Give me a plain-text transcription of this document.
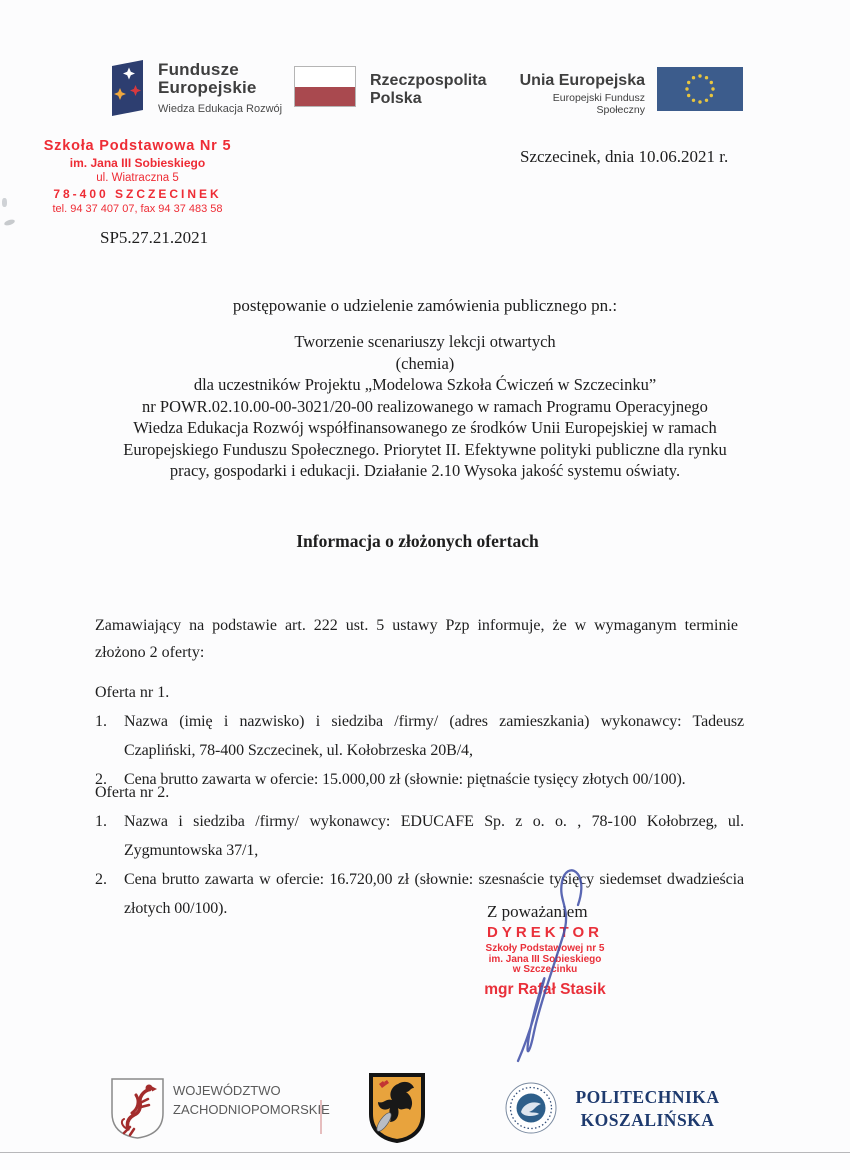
Fundusze
Europejskie
Wiedza Edukacja Rozwój
Rzeczpospolita
Polska
Unia Europejska
Europejski Fundusz Społeczny
Szkoła Podstawowa Nr 5
im. Jana III Sobieskiego
ul. Wiatraczna 5
78-400 SZCZECINEK
tel. 94 37 407 07, fax 94 37 483 58
Szczecinek, dnia 10.06.2021 r.
SP5.27.21.2021
postępowanie o udzielenie zamówienia publicznego pn.:
Tworzenie scenariuszy lekcji otwartych
(chemia)
dla uczestników Projektu „Modelowa Szkoła Ćwiczeń w Szczecinku”
nr POWR.02.10.00-00-3021/20-00 realizowanego w ramach Programu Operacyjnego
Wiedza Edukacja Rozwój współfinansowanego ze środków Unii Europejskiej w ramach
Europejskiego Funduszu Społecznego. Priorytet II. Efektywne polityki publiczne dla rynku
pracy, gospodarki i edukacji. Działanie 2.10 Wysoka jakość systemu oświaty.
Informacja o złożonych ofertach
Zamawiający na podstawie art. 222 ust. 5 ustawy Pzp informuje, że w wymaganym terminie złożono 2 oferty:
Oferta nr 1.
1.	Nazwa (imię i nazwisko) i siedziba /firmy/ (adres zamieszkania) wykonawcy: Tadeusz Czapliński, 78-400 Szczecinek, ul. Kołobrzeska 20B/4,
2.	Cena brutto zawarta w ofercie: 15.000,00 zł (słownie: piętnaście tysięcy złotych 00/100).
Oferta nr 2.
1.	Nazwa i siedziba /firmy/ wykonawcy: EDUCAFE Sp. z o. o. , 78-100 Kołobrzeg, ul. Zygmuntowska 37/1,
2.	Cena brutto zawarta w ofercie: 16.720,00 zł (słownie: szesnaście tysięcy siedemset dwadzieścia złotych 00/100).	Z poważaniem
DYREKTOR
Szkoły Podstawowej nr 5
im. Jana III Sobieskiego
w Szczecinku
mgr Rafał Stasik
WOJEWÓDZTWO
ZACHODNIOPOMORSKIE
POLITECHNIKA
KOSZALIŃSKA
